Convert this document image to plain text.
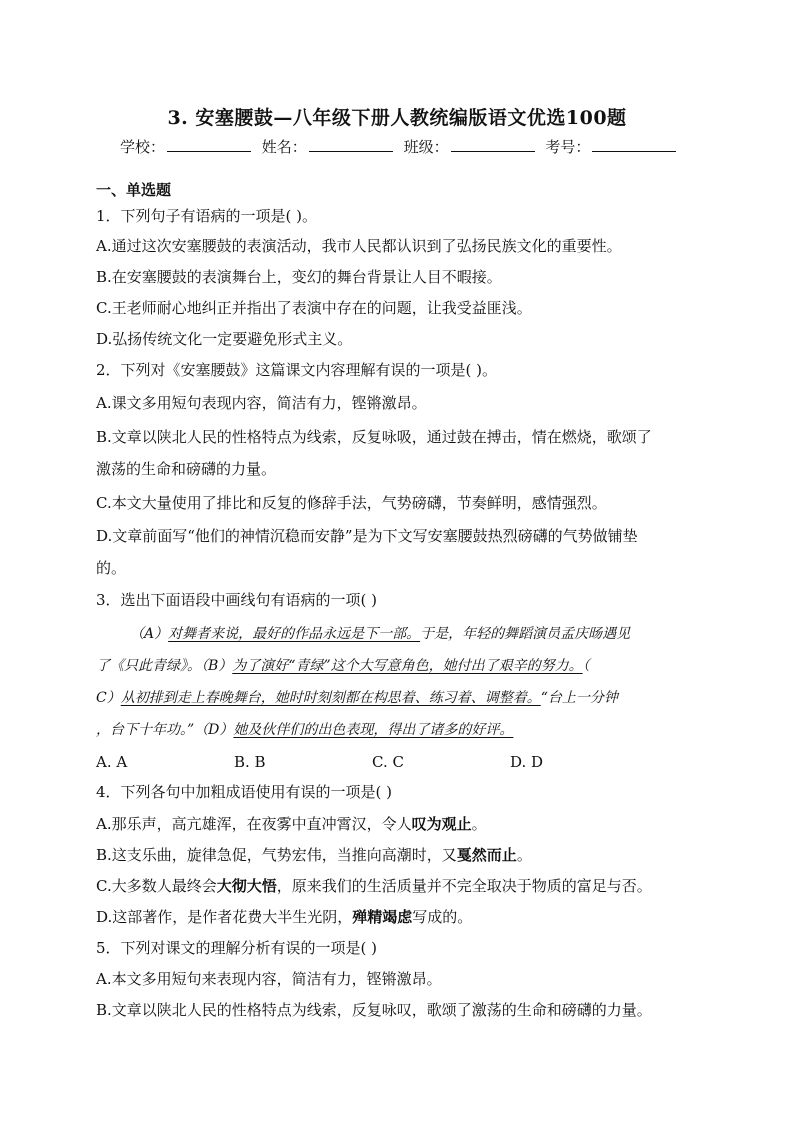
3. 安塞腰鼓—八年级下册人教统编版语文优选100题
学校：	姓名：	班级：	考号：
一、单选题
1．下列句子有语病的一项是( )。
A.通过这次安塞腰鼓的表演活动，我市人民都认识到了弘扬民族文化的重要性。
B.在安塞腰鼓的表演舞台上，变幻的舞台背景让人目不暇接。
C.王老师耐心地纠正并指出了表演中存在的问题，让我受益匪浅。
D.弘扬传统文化一定要避免形式主义。
2．下列对《安塞腰鼓》这篇课文内容理解有误的一项是( )。
A.课文多用短句表现内容，简洁有力，铿锵激昂。
B.文章以陕北人民的性格特点为线索，反复咏吸，通过鼓在搏击，情在燃烧，歌颂了
激荡的生命和磅礴的力量。
C.本文大量使用了排比和反复的修辞手法，气势磅礴，节奏鲜明，感情强烈。
D.文章前面写“他们的神情沉稳而安静”是为下文写安塞腰鼓热烈磅礴的气势做铺垫
的。
3．选出下面语段中画线句有语病的一项( )
（A）对舞者来说，最好的作品永远是下一部。于是，年轻的舞蹈演员孟庆旸遇见
了《只此青绿》。（B）为了演好“青绿”这个大写意角色，她付出了艰辛的努力。（
C）从初排到走上春晚舞台，她时时刻刻都在构思着、练习着、调整着。“台上一分钟
，台下十年功。”（D）她及伙伴们的出色表现，得出了诸多的好评。
A. A	B. B	C. C	D. D
4．下列各句中加粗成语使用有误的一项是( )
A.那乐声，高亢雄浑，在夜雾中直冲霄汉，令人叹为观止。
B.这支乐曲，旋律急促，气势宏伟，当推向高潮时，又戛然而止。
C.大多数人最终会大彻大悟，原来我们的生活质量并不完全取决于物质的富足与否。
D.这部著作，是作者花费大半生光阴，殚精竭虑写成的。
5．下列对课文的理解分析有误的一项是( )
A.本文多用短句来表现内容，简洁有力，铿锵激昂。
B.文章以陕北人民的性格特点为线索，反复咏叹，歌颂了激荡的生命和磅礴的力量。
